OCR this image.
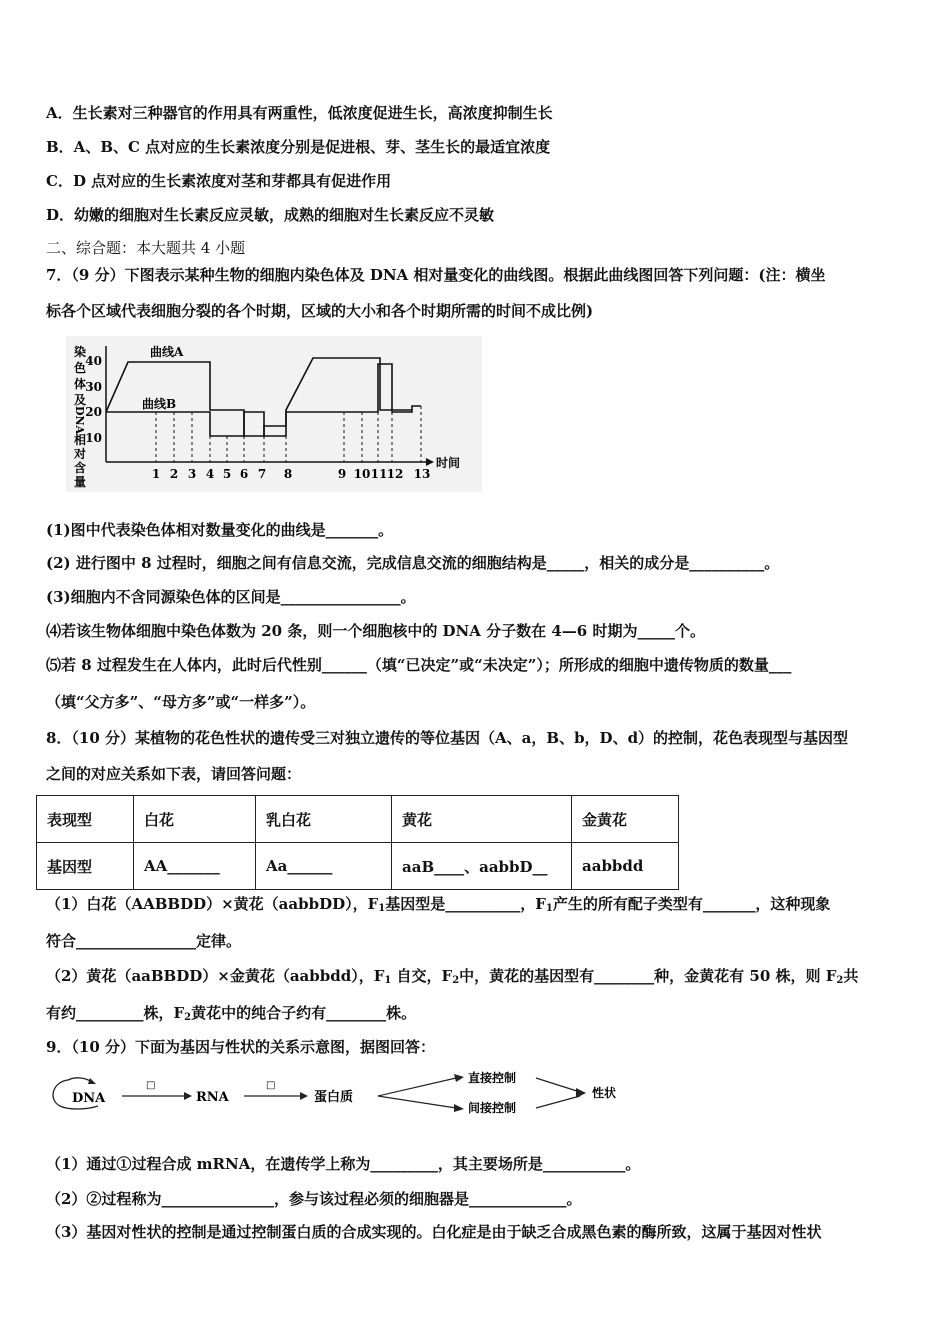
A．生长素对三种器官的作用具有两重性，低浓度促进生长，高浓度抑制生长
B．A、B、C 点对应的生长素浓度分别是促进根、芽、茎生长的最适宜浓度
C．D 点对应的生长素浓度对茎和芽都具有促进作用
D．幼嫩的细胞对生长素反应灵敏，成熟的细胞对生长素反应不灵敏
二、综合题：本大题共 4 小题
7．（9 分）下图表示某种生物的细胞内染色体及 DNA 相对量变化的曲线图。根据此曲线图回答下列问题：(注：横坐
标各个区域代表细胞分裂的各个时期，区域的大小和各个时期所需的时间不成比例)
染
色
体
及
DNA
相
对
含
量
40
30
20
10
曲线A
曲线B
1 2 3 4 5 6 7 8	9 10 11 12 13
时间
(1)图中代表染色体相对数量变化的曲线是_______。
(2) 进行图中 8 过程时，细胞之间有信息交流，完成信息交流的细胞结构是_____，相关的成分是__________。
(3)细胞内不含同源染色体的区间是________________。
⑷若该生物体细胞中染色体数为 20 条，则一个细胞核中的 DNA 分子数在 4—6 时期为_____个。
⑸若 8 过程发生在人体内，此时后代性别______（填“已决定”或“未决定”）；所形成的细胞中遗传物质的数量___
（填“父方多”、“母方多”或“一样多”）。
8．（10 分）某植物的花色性状的遗传受三对独立遗传的等位基因（A、a，B、b，D、d）的控制，花色表现型与基因型
之间的对应关系如下表，请回答问题：
表现型	白花	乳白花	黄花	金黄花
基因型	AA_______	Aa______	aaB____、aabbD__	aabbdd
（1）白花（AABBDD）×黄花（aabbDD），$F_1$基因型是__________，$F_1$产生的所有配子类型有_______，这种现象
符合________________定律。
（2）黄花（aaBBDD）×金黄花（aabbdd），$F_1$ 自交，$F_2$中，黄花的基因型有________种，金黄花有 50 株，则 $F_2$共
有约_________株，$F_2$黄花中的纯合子约有________株。
9．（10 分）下面为基因与性状的关系示意图，据图回答：
DNA
□
RNA
□
蛋白质
直接控制
间接控制
性状
（1）通过①过程合成 mRNA，在遗传学上称为_________，其主要场所是___________。
（2）②过程称为_______________，参与该过程必须的细胞器是_____________。
（3）基因对性状的控制是通过控制蛋白质的合成实现的。白化症是由于缺乏合成黑色素的酶所致，这属于基因对性状
